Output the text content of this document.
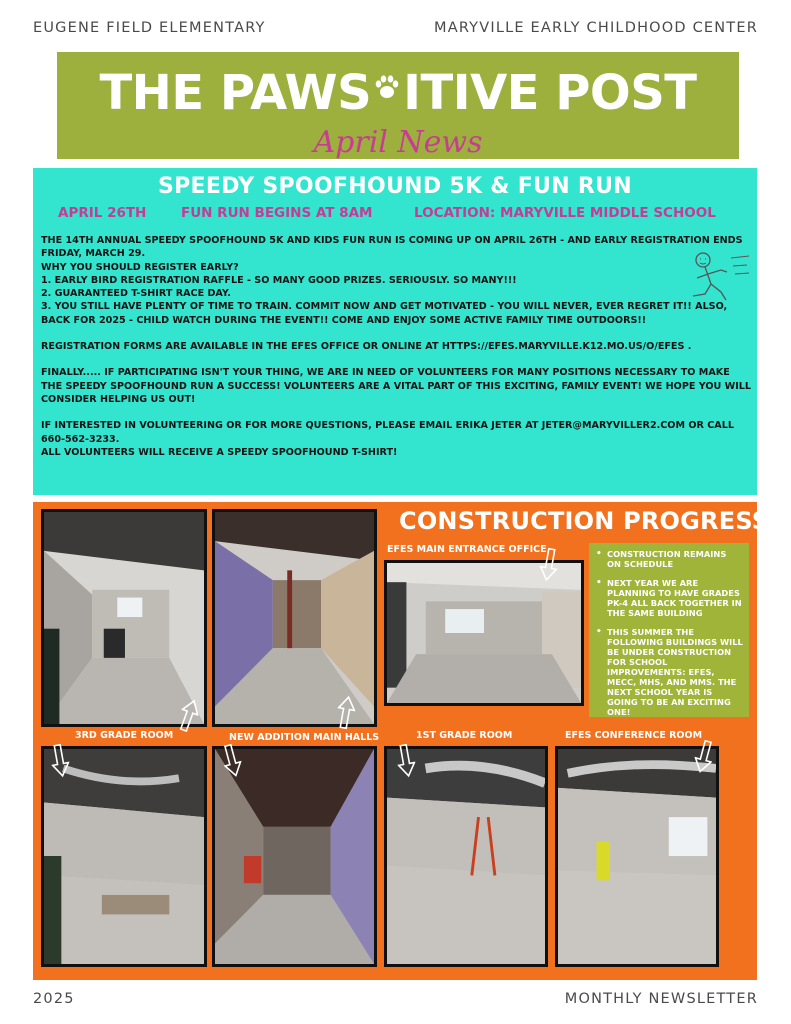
EUGENE FIELD ELEMENTARY	MARYVILLE EARLY CHILDHOOD CENTER
THE PAWS ITIVE POST
April News
SPEEDY SPOOFHOUND 5K & FUN RUN
APRIL 26TH	FUN RUN BEGINS AT 8AM	LOCATION: MARYVILLE MIDDLE SCHOOL

THE 14TH ANNUAL SPEEDY SPOOFHOUND 5K AND KIDS FUN RUN IS COMING UP ON APRIL 26TH - AND EARLY REGISTRATION ENDS FRIDAY, MARCH 29.

WHY YOU SHOULD REGISTER EARLY?

1. EARLY BIRD REGISTRATION RAFFLE - SO MANY GOOD PRIZES. SERIOUSLY. SO MANY!!!

2. GUARANTEED T-SHIRT RACE DAY.

3. YOU STILL HAVE PLENTY OF TIME TO TRAIN. COMMIT NOW AND GET MOTIVATED - YOU WILL NEVER, EVER REGRET IT!! ALSO, BACK FOR 2025 - CHILD WATCH DURING THE EVENT!! COME AND ENJOY SOME ACTIVE FAMILY TIME OUTDOORS!!

REGISTRATION FORMS ARE AVAILABLE IN THE EFES OFFICE OR ONLINE AT HTTPS://EFES.MARYVILLE.K12.MO.US/O/EFES .

FINALLY..... IF PARTICIPATING ISN'T YOUR THING, WE ARE IN NEED OF VOLUNTEERS FOR MANY POSITIONS NECESSARY TO MAKE THE SPEEDY SPOOFHOUND RUN A SUCCESS! VOLUNTEERS ARE A VITAL PART OF THIS EXCITING, FAMILY EVENT! WE HOPE YOU WILL CONSIDER HELPING US OUT!

IF INTERESTED IN VOLUNTEERING OR FOR MORE QUESTIONS, PLEASE EMAIL ERIKA JETER AT JETER@MARYVILLER2.COM OR CALL 660-562-3233.

ALL VOLUNTEERS WILL RECEIVE A SPEEDY SPOOFHOUND T-SHIRT!

CONSTRUCTION PROGRESS
• CONSTRUCTION REMAINS ON SCHEDULE
• NEXT YEAR WE ARE PLANNING TO HAVE GRADES PK-4 ALL BACK TOGETHER IN THE SAME BUILDING
• THIS SUMMER THE FOLLOWING BUILDINGS WILL BE UNDER CONSTRUCTION FOR SCHOOL IMPROVEMENTS: EFES, MECC, MHS, AND MMS. THE NEXT SCHOOL YEAR IS GOING TO BE AN EXCITING ONE!
EFES MAIN ENTRANCE OFFICE
3RD GRADE ROOM	NEW ADDITION MAIN HALLS	1ST GRADE ROOM	EFES CONFERENCE ROOM
2025	MONTHLY NEWSLETTER
